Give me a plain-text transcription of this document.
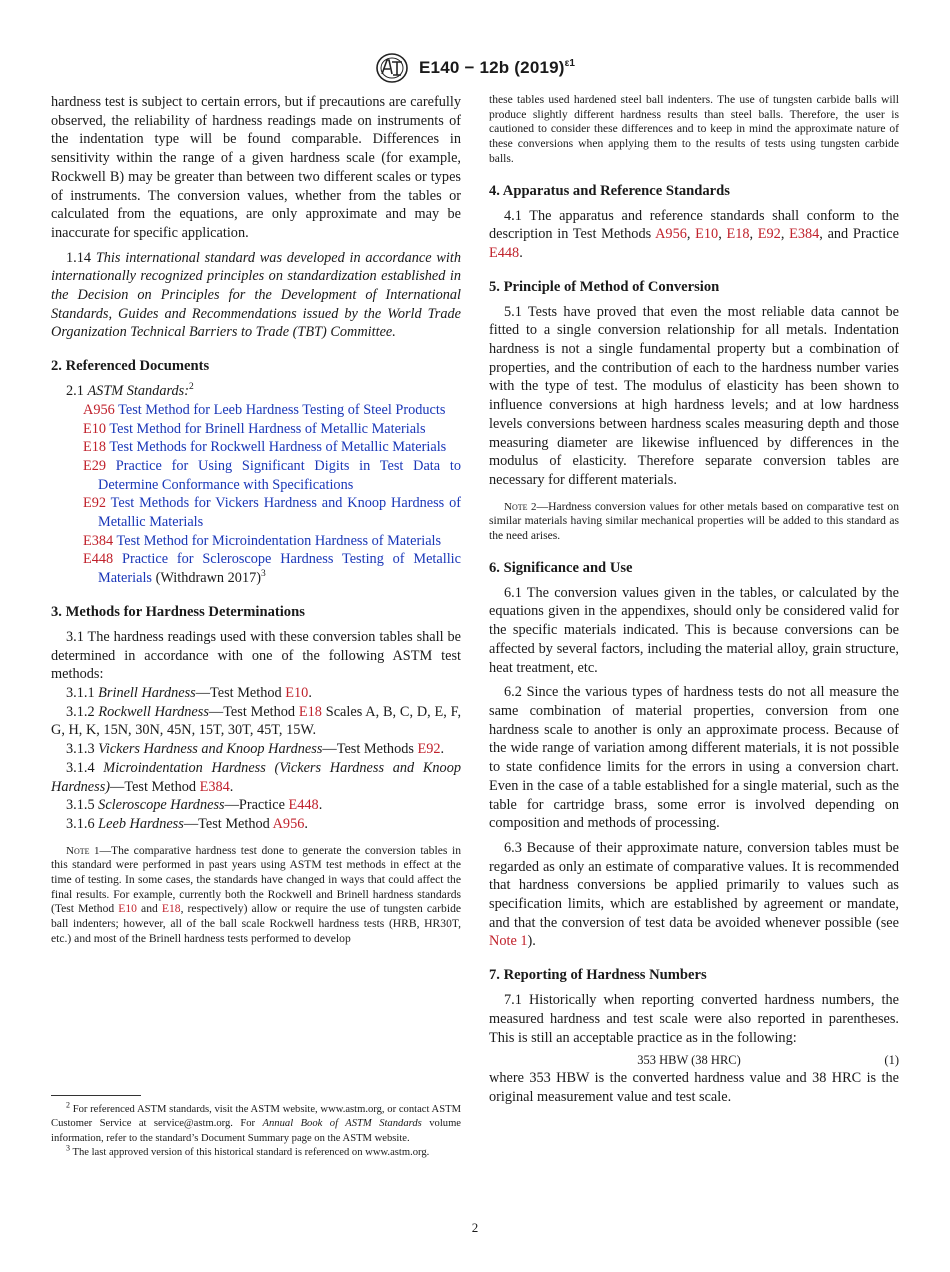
E140 − 12b $(2019)^{\varepsilon 1}$

hardness test is subject to certain errors, but if precautions are carefully observed, the reliability of hardness readings made on instruments of the indentation type will be found comparable. Differences in sensitivity within the range of a given hardness scale (for example, Rockwell B) may be greater than between two different scales or types of instruments. The conversion values, whether from the tables or calculated from the equations, are only approximate and may be inaccurate for specific application.

1.14 This international standard was developed in accordance with internationally recognized principles on standardization established in the Decision on Principles for the Development of International Standards, Guides and Recommendations issued by the World Trade Organization Technical Barriers to Trade (TBT) Committee.

2. Referenced Documents

2.1 ASTM Standards:$^2$

A956 Test Method for Leeb Hardness Testing of Steel Products

E10 Test Method for Brinell Hardness of Metallic Materials

E18 Test Methods for Rockwell Hardness of Metallic Materials

E29 Practice for Using Significant Digits in Test Data to Determine Conformance with Specifications

E92 Test Methods for Vickers Hardness and Knoop Hardness of Metallic Materials

E384 Test Method for Microindentation Hardness of Materials

E448 Practice for Scleroscope Hardness Testing of Metallic Materials (Withdrawn 2017)$^3$

3. Methods for Hardness Determinations

3.1 The hardness readings used with these conversion tables shall be determined in accordance with one of the following ASTM test methods:

3.1.1 Brinell Hardness—Test Method E10.

3.1.2 Rockwell Hardness—Test Method E18 Scales A, B, C, D, E, F, G, H, K, 15N, 30N, 45N, 15T, 30T, 45T, 15W.

3.1.3 Vickers Hardness and Knoop Hardness—Test Methods E92.

3.1.4 Microindentation Hardness (Vickers Hardness and Knoop Hardness)—Test Method E384.

3.1.5 Scleroscope Hardness—Practice E448.

3.1.6 Leeb Hardness—Test Method A956.

Note 1—The comparative hardness test done to generate the conversion tables in this standard were performed in past years using ASTM test methods in effect at the time of testing. In some cases, the standards have changed in ways that could affect the final results. For example, currently both the Rockwell and Brinell hardness standards (Test Method E10 and E18, respectively) allow or require the use of tungsten carbide ball indenters; however, all of the ball scale Rockwell hardness tests (HRB, HR30T, etc.) and most of the Brinell hardness tests performed to develop

$^2$ For referenced ASTM standards, visit the ASTM website, www.astm.org, or contact ASTM Customer Service at service@astm.org. For Annual Book of ASTM Standards volume information, refer to the standard’s Document Summary page on the ASTM website.

$^3$ The last approved version of this historical standard is referenced on www.astm.org.

these tables used hardened steel ball indenters. The use of tungsten carbide balls will produce slightly different hardness results than steel balls. Therefore, the user is cautioned to consider these differences and to keep in mind the approximate nature of these conversions when applying them to the results of tests using tungsten carbide balls.

4. Apparatus and Reference Standards

4.1 The apparatus and reference standards shall conform to the description in Test Methods A956, E10, E18, E92, E384, and Practice E448.

5. Principle of Method of Conversion

5.1 Tests have proved that even the most reliable data cannot be fitted to a single conversion relationship for all metals. Indentation hardness is not a single fundamental property but a combination of properties, and the contribution of each to the hardness number varies with the type of test. The modulus of elasticity has been shown to influence conversions at high hardness levels; and at low hardness levels conversions between hardness scales measuring depth and those measuring diameter are likewise influenced by differences in the modulus of elasticity. Therefore separate conversion tables are necessary for different materials.

Note 2—Hardness conversion values for other metals based on comparative test on similar materials having similar mechanical properties will be added to this standard as the need arises.

6. Significance and Use

6.1 The conversion values given in the tables, or calculated by the equations given in the appendixes, should only be considered valid for the specific materials indicated. This is because conversions can be affected by several factors, including the material alloy, grain structure, heat treatment, etc.

6.2 Since the various types of hardness tests do not all measure the same combination of material properties, conversion from one hardness scale to another is only an approximate process. Because of the wide range of variation among different materials, it is not possible to state confidence limits for the errors in using a conversion chart. Even in the case of a table established for a single material, such as the table for cartridge brass, some error is involved depending on composition and methods of processing.

6.3 Because of their approximate nature, conversion tables must be regarded as only an estimate of comparative values. It is recommended that hardness conversions be applied primarily to values such as specification limits, which are established by agreement or mandate, and that the conversion of test data be avoided whenever possible (see Note 1).

7. Reporting of Hardness Numbers

7.1 Historically when reporting converted hardness numbers, the measured hardness and test scale were also reported in parentheses. This is still an acceptable practice as in the following:

353 HBW (38 HRC)	(1)

where 353 HBW is the converted hardness value and 38 HRC is the original measurement value and test scale.

2
